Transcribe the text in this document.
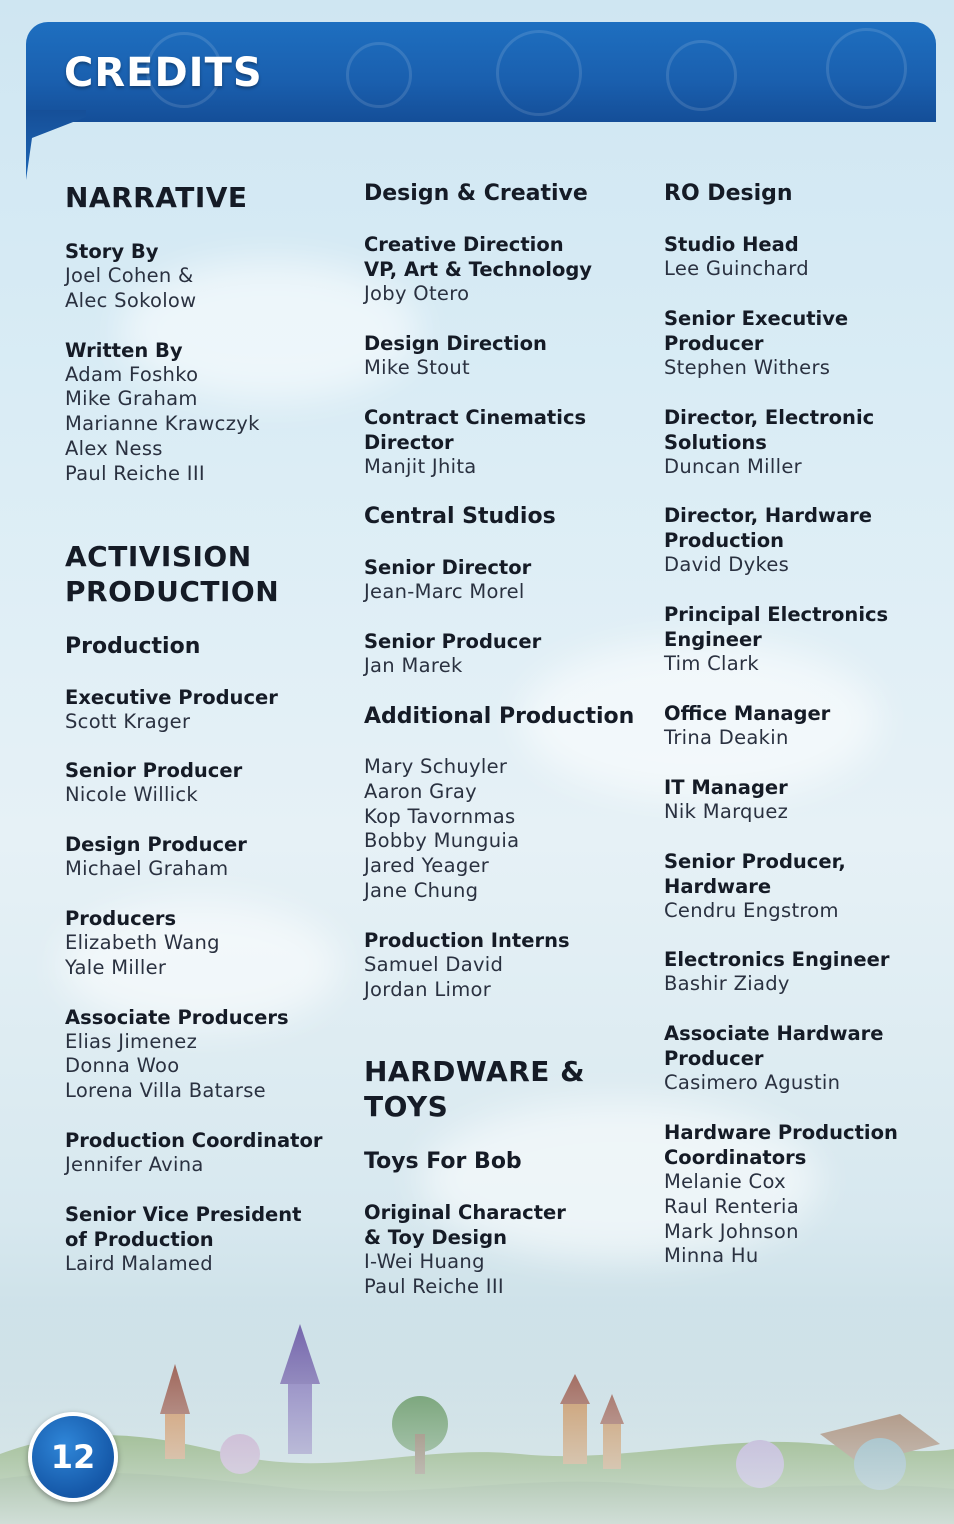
CREDITS
NARRATIVE
Story By
Joel Cohen &
Alec Sokolow
Written By
Adam Foshko
Mike Graham
Marianne Krawczyk
Alex Ness
Paul Reiche III
ACTIVISION
PRODUCTION
Production
Executive Producer
Scott Krager
Senior Producer
Nicole Willick
Design Producer
Michael Graham
Producers
Elizabeth Wang
Yale Miller
Associate Producers
Elias Jimenez
Donna Woo
Lorena Villa Batarse
Production Coordinator
Jennifer Avina
Senior Vice President
of Production
Laird Malamed
Design & Creative
Creative Direction
VP, Art & Technology
Joby Otero
Design Direction
Mike Stout
Contract Cinematics
Director
Manjit Jhita
Central Studios
Senior Director
Jean-Marc Morel
Senior Producer
Jan Marek
Additional Production
Mary Schuyler
Aaron Gray
Kop Tavornmas
Bobby Munguia
Jared Yeager
Jane Chung
Production Interns
Samuel David
Jordan Limor
HARDWARE &
TOYS
Toys For Bob
Original Character
& Toy Design
I-Wei Huang
Paul Reiche III
RO Design
Studio Head
Lee Guinchard
Senior Executive
Producer
Stephen Withers
Director, Electronic
Solutions
Duncan Miller
Director, Hardware
Production
David Dykes
Principal Electronics
Engineer
Tim Clark
Office Manager
Trina Deakin
IT Manager
Nik Marquez
Senior Producer,
Hardware
Cendru Engstrom
Electronics Engineer
Bashir Ziady
Associate Hardware
Producer
Casimero Agustin
Hardware Production
Coordinators
Melanie Cox
Raul Renteria
Mark Johnson
Minna Hu
12
